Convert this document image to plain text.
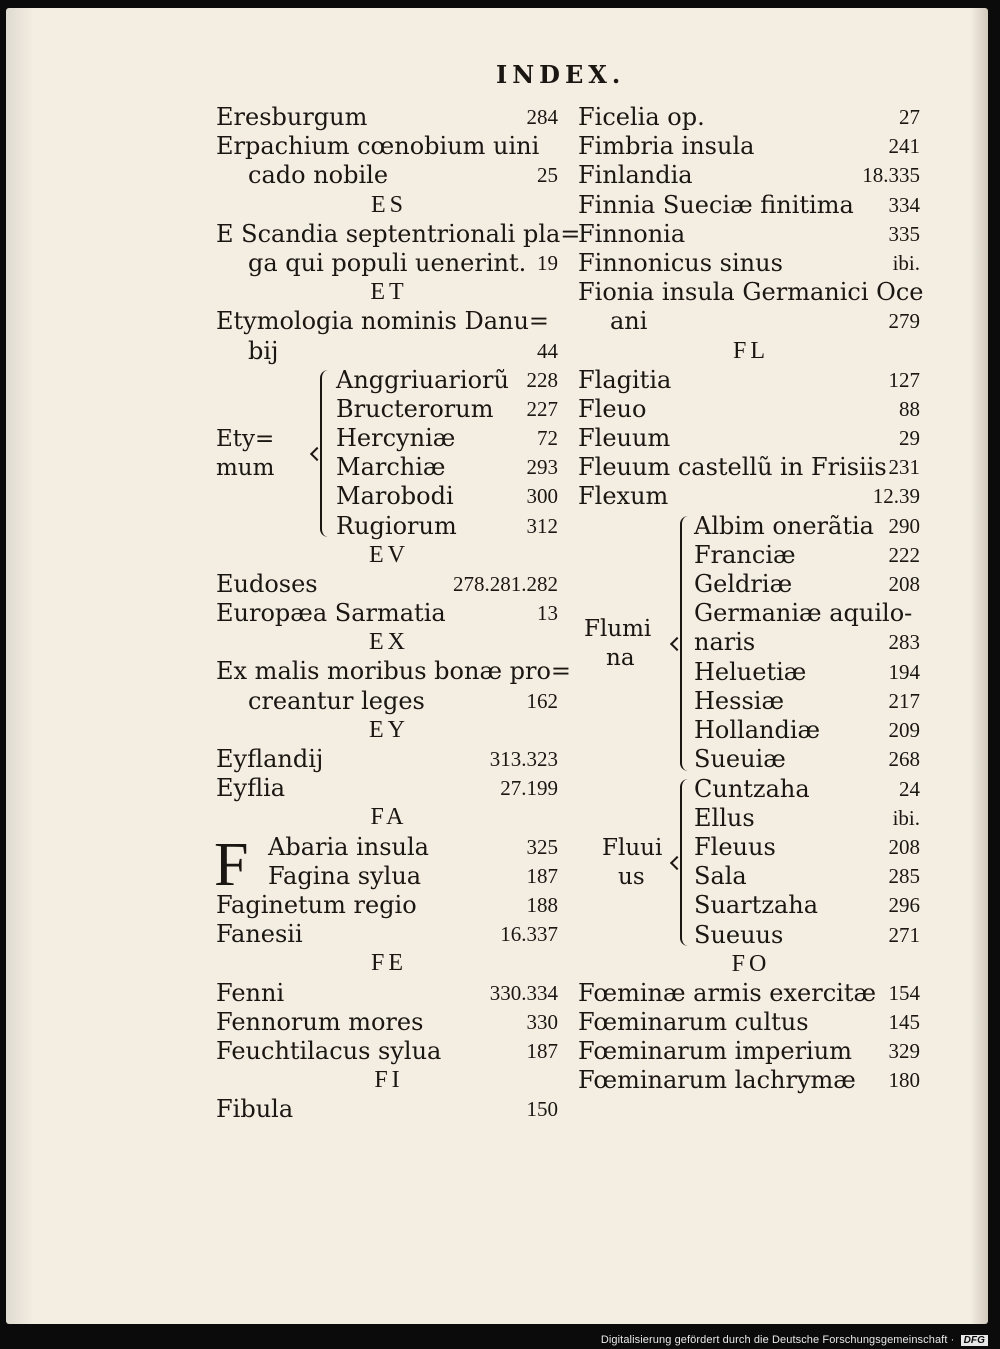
INDEX.
Eresburgum	284
Erpachium cœnobium uini
cado nobile	25
ES
E Scandia septentrionali pla=
ga qui populi uenerint. 19
ET
Etymologia nominis Danu=
bij	44
Ety=
mum
Anggriuariorũ 228
Bructerorum 227
Hercyniæ	72
Marchiæ	293
Marobodi	300
Rugiorum	312
EV
Eudoses	278.281.282
Europæa Sarmatia	13
EX
Ex malis moribus bonæ pro=
creantur leges	162
EY
Eyflandij	313.323
Eyflia	27.199
FA
F Abaria insula	325
Fagina sylua	187
Faginetum regio	188
Fanesii	16.337
FE
Fenni	330.334
Fennorum mores	330
Feuchtilacus sylua	187
FI
Fibula	150
Ficelia op.	27
Fimbria insula	241
Finlandia	18.335
Finnia Sueciæ finitima 334
Finnonia	335
Finnonicus sinus	ibi.
Fionia insula Germanici Oce
ani	279
FL
Flagitia	127
Fleuo	88
Fleuum	29
Fleuum castellũ in Frisiis 231
Flexum	12.39
Flumi
na
Albim onerãtia 290
Franciæ	222
Geldriæ	208
Germaniæ aquilo-
naris	283
Heluetiæ	194
Hessiæ	217
Hollandiæ	209
Sueuiæ	268
Fluui
us
Cuntzaha	24
Ellus	ibi.
Fleuus	208
Sala	285
Suartzaha	296
Sueuus	271
FO
Fœminæ armis exercitæ 154
Fœminarum cultus	145
Fœminarum imperium 329
Fœminarum lachrymæ 180
Digitalisierung gefördert durch die Deutsche Forschungsgemeinschaft · DFG
